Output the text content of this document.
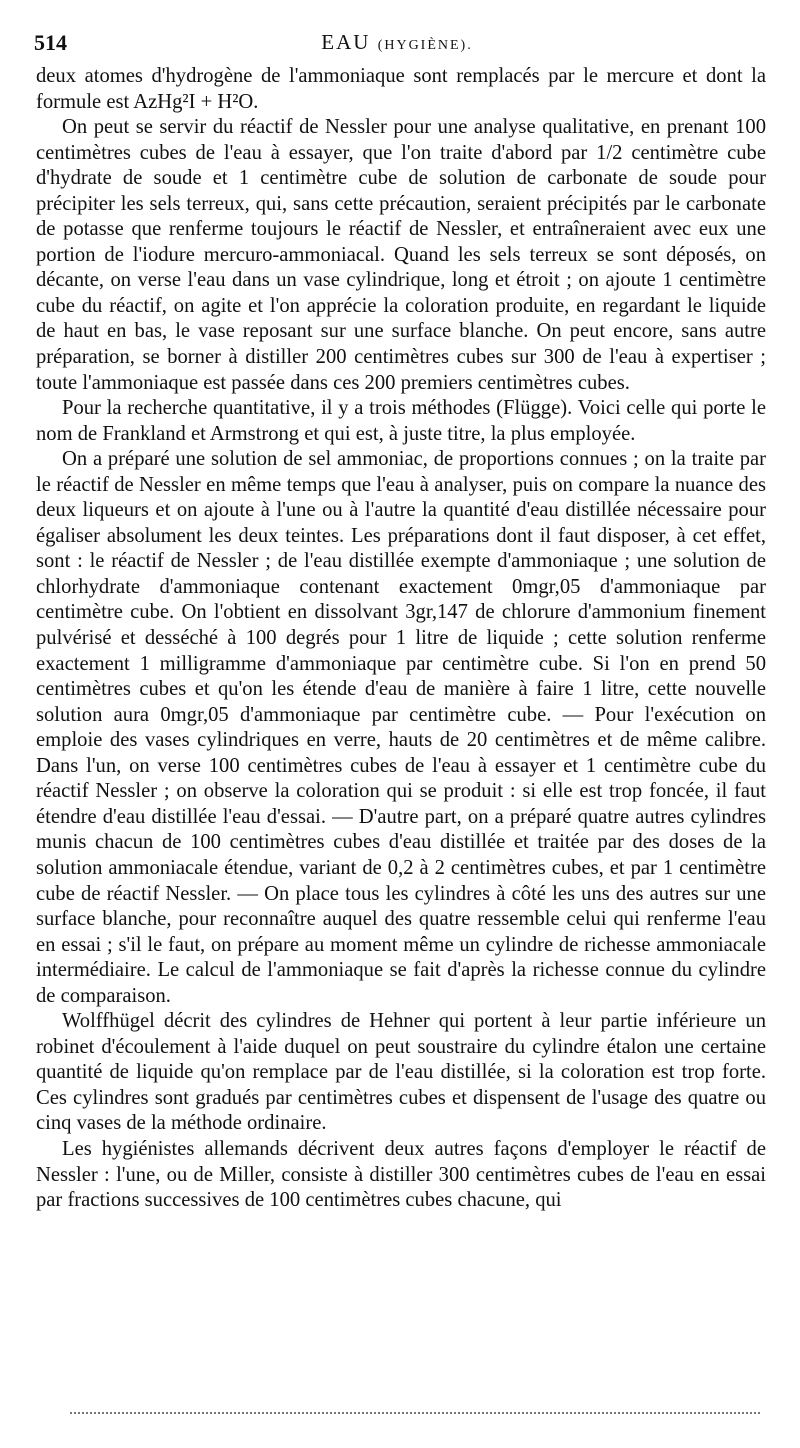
514	EAU (HYGIÈNE).

deux atomes d'hydrogène de l'ammoniaque sont remplacés par le mercure et dont la formule est AzHg²I + H²O.

On peut se servir du réactif de Nessler pour une analyse qualitative, en prenant 100 centimètres cubes de l'eau à essayer, que l'on traite d'abord par 1/2 centimètre cube d'hydrate de soude et 1 centimètre cube de solution de carbonate de soude pour précipiter les sels terreux, qui, sans cette précaution, seraient précipités par le carbonate de potasse que renferme toujours le réactif de Nessler, et entraîneraient avec eux une portion de l'iodure mercuro-ammoniacal. Quand les sels terreux se sont déposés, on décante, on verse l'eau dans un vase cylindrique, long et étroit ; on ajoute 1 centimètre cube du réactif, on agite et l'on apprécie la coloration produite, en regardant le liquide de haut en bas, le vase reposant sur une surface blanche. On peut encore, sans autre préparation, se borner à distiller 200 centimètres cubes sur 300 de l'eau à expertiser ; toute l'ammoniaque est passée dans ces 200 premiers centimètres cubes.

Pour la recherche quantitative, il y a trois méthodes (Flügge). Voici celle qui porte le nom de Frankland et Armstrong et qui est, à juste titre, la plus employée.

On a préparé une solution de sel ammoniac, de proportions connues ; on la traite par le réactif de Nessler en même temps que l'eau à analyser, puis on compare la nuance des deux liqueurs et on ajoute à l'une ou à l'autre la quantité d'eau distillée nécessaire pour égaliser absolument les deux teintes. Les préparations dont il faut disposer, à cet effet, sont : le réactif de Nessler ; de l'eau distillée exempte d'ammoniaque ; une solution de chlorhydrate d'ammoniaque contenant exactement 0mgr,05 d'ammoniaque par centimètre cube. On l'obtient en dissolvant 3gr,147 de chlorure d'ammonium finement pulvérisé et desséché à 100 degrés pour 1 litre de liquide ; cette solution renferme exactement 1 milligramme d'ammoniaque par centimètre cube. Si l'on en prend 50 centimètres cubes et qu'on les étende d'eau de manière à faire 1 litre, cette nouvelle solution aura 0mgr,05 d'ammoniaque par centimètre cube. — Pour l'exécution on emploie des vases cylindriques en verre, hauts de 20 centimètres et de même calibre. Dans l'un, on verse 100 centimètres cubes de l'eau à essayer et 1 centimètre cube du réactif Nessler ; on observe la coloration qui se produit : si elle est trop foncée, il faut étendre d'eau distillée l'eau d'essai. — D'autre part, on a préparé quatre autres cylindres munis chacun de 100 centimètres cubes d'eau distillée et traitée par des doses de la solution ammoniacale étendue, variant de 0,2 à 2 centimètres cubes, et par 1 centimètre cube de réactif Nessler. — On place tous les cylindres à côté les uns des autres sur une surface blanche, pour reconnaître auquel des quatre ressemble celui qui renferme l'eau en essai ; s'il le faut, on prépare au moment même un cylindre de richesse ammoniacale intermédiaire. Le calcul de l'ammoniaque se fait d'après la richesse connue du cylindre de comparaison.

Wolffhügel décrit des cylindres de Hehner qui portent à leur partie inférieure un robinet d'écoulement à l'aide duquel on peut soustraire du cylindre étalon une certaine quantité de liquide qu'on remplace par de l'eau distillée, si la coloration est trop forte. Ces cylindres sont gradués par centimètres cubes et dispensent de l'usage des quatre ou cinq vases de la méthode ordinaire.

Les hygiénistes allemands décrivent deux autres façons d'employer le réactif de Nessler : l'une, ou de Miller, consiste à distiller 300 centimètres cubes de l'eau en essai par fractions successives de 100 centimètres cubes chacune, qui
